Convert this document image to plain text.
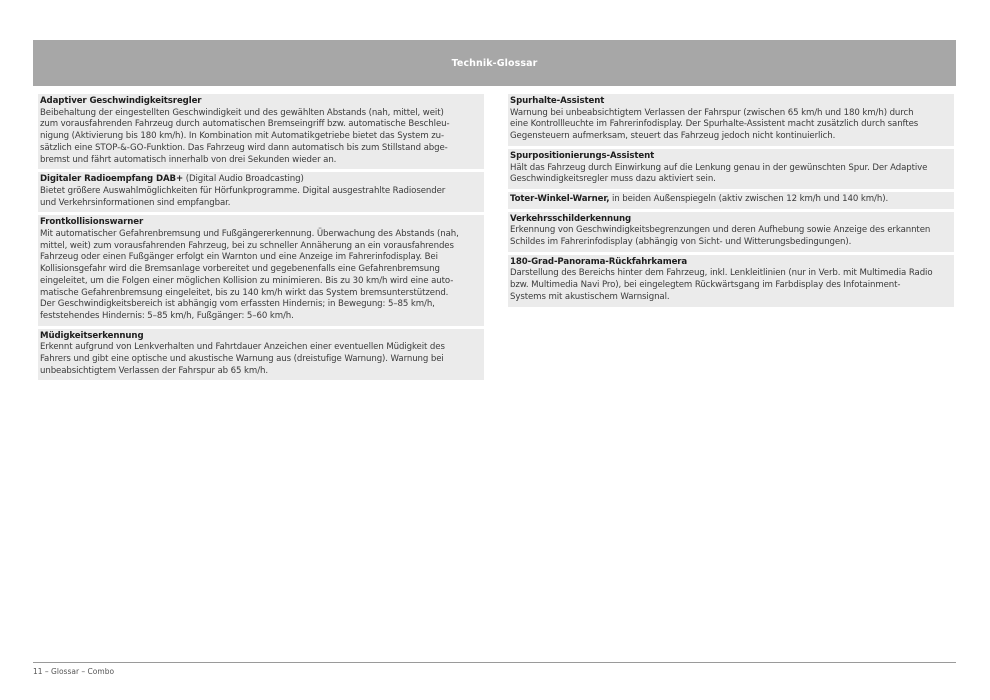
Technik-Glossar

Adaptiver Geschwindigkeitsregler

Beibehaltung der eingestellten Geschwindigkeit und des gewählten Abstands (nah, mittel, weit)

zum vorausfahrenden Fahrzeug durch automatischen Bremseingriff bzw. automatische Beschleu-

nigung (Aktivierung bis 180 km/h). In Kombination mit Automatikgetriebe bietet das System zu-

sätzlich eine STOP-&-GO-Funktion. Das Fahrzeug wird dann automatisch bis zum Stillstand abge-

bremst und fährt automatisch innerhalb von drei Sekunden wieder an.

Digitaler Radioempfang DAB+ (Digital Audio Broadcasting)

Bietet größere Auswahlmöglichkeiten für Hörfunkprogramme. Digital ausgestrahlte Radiosender

und Verkehrsinformationen sind empfangbar.

Frontkollisionswarner

Mit automatischer Gefahrenbremsung und Fußgängererkennung. Überwachung des Abstands (nah,

mittel, weit) zum vorausfahrenden Fahrzeug, bei zu schneller Annäherung an ein vorausfahrendes

Fahrzeug oder einen Fußgänger erfolgt ein Warnton und eine Anzeige im Fahrerinfodisplay. Bei

Kollisionsgefahr wird die Bremsanlage vorbereitet und gegebenenfalls eine Gefahrenbremsung

eingeleitet, um die Folgen einer möglichen Kollision zu minimieren. Bis zu 30 km/h wird eine auto-

matische Gefahrenbremsung eingeleitet, bis zu 140 km/h wirkt das System bremsunterstützend.

Der Geschwindigkeitsbereich ist abhängig vom erfassten Hindernis; in Bewegung: 5–85 km/h,

feststehendes Hindernis: 5–85 km/h, Fußgänger: 5–60 km/h.

Müdigkeitserkennung

Erkennt aufgrund von Lenkverhalten und Fahrtdauer Anzeichen einer eventuellen Müdigkeit des

Fahrers und gibt eine optische und akustische Warnung aus (dreistufige Warnung). Warnung bei

unbeabsichtigtem Verlassen der Fahrspur ab 65 km/h.

Spurhalte-Assistent

Warnung bei unbeabsichtigtem Verlassen der Fahrspur (zwischen 65 km/h und 180 km/h) durch

eine Kontrollleuchte im Fahrerinfodisplay. Der Spurhalte-Assistent macht zusätzlich durch sanftes

Gegensteuern aufmerksam, steuert das Fahrzeug jedoch nicht kontinuierlich.

Spurpositionierungs-Assistent

Hält das Fahrzeug durch Einwirkung auf die Lenkung genau in der gewünschten Spur. Der Adaptive

Geschwindigkeitsregler muss dazu aktiviert sein.

Toter-Winkel-Warner, in beiden Außenspiegeln (aktiv zwischen 12 km/h und 140 km/h).

Verkehrsschilderkennung

Erkennung von Geschwindigkeitsbegrenzungen und deren Aufhebung sowie Anzeige des erkannten

Schildes im Fahrerinfodisplay (abhängig von Sicht- und Witterungsbedingungen).

180-Grad-Panorama-Rückfahrkamera

Darstellung des Bereichs hinter dem Fahrzeug, inkl. Lenkleitlinien (nur in Verb. mit Multimedia Radio

bzw. Multimedia Navi Pro), bei eingelegtem Rückwärtsgang im Farbdisplay des Infotainment-

Systems mit akustischem Warnsignal.

11 – Glossar – Combo
